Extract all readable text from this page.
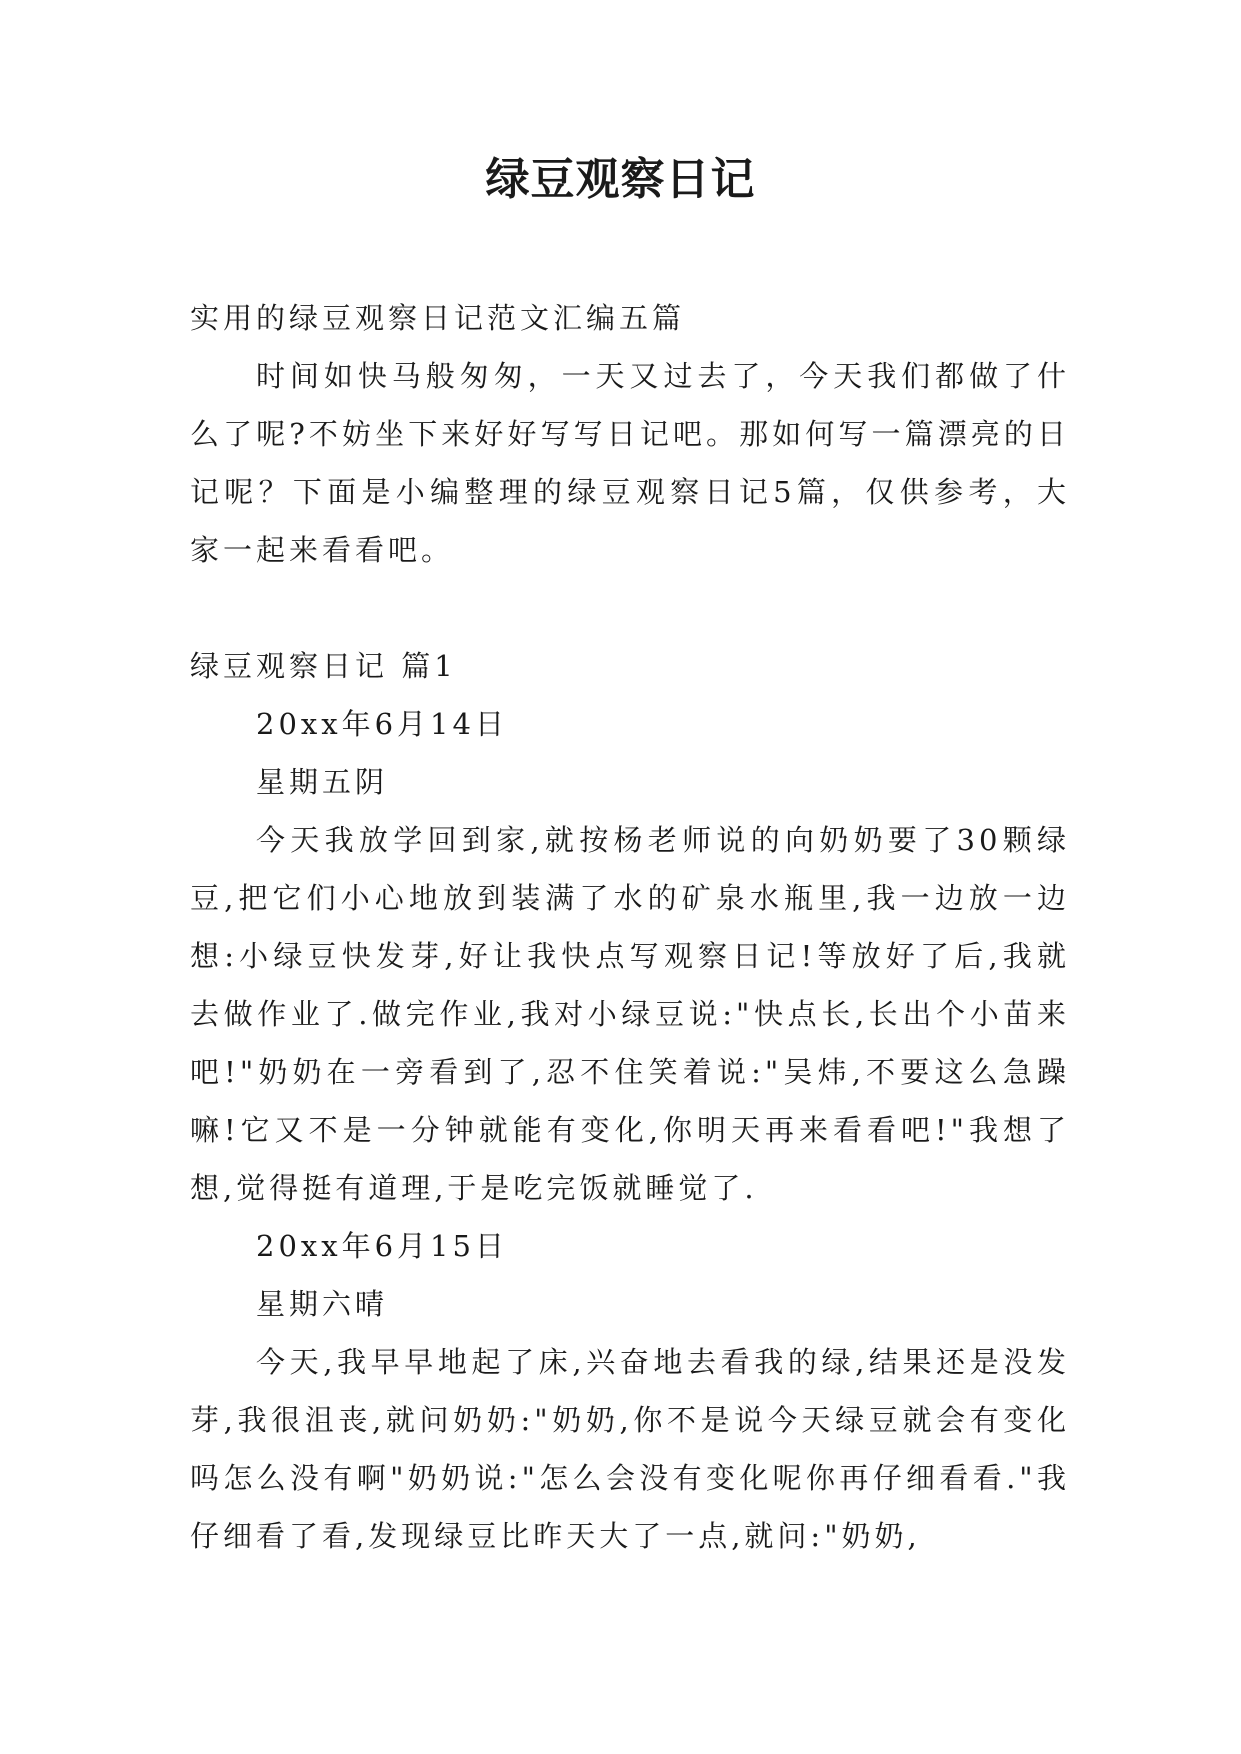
绿豆观察日记

实用的绿豆观察日记范文汇编五篇

时间如快马般匆匆，一天又过去了，今天我们都做了什么了呢?不妨坐下来好好写写日记吧。那如何写一篇漂亮的日记呢？下面是小编整理的绿豆观察日记5篇，仅供参考，大家一起来看看吧。

绿豆观察日记 篇1

20xx年6月14日

星期五阴

今天我放学回到家,就按杨老师说的向奶奶要了30颗绿豆,把它们小心地放到装满了水的矿泉水瓶里,我一边放一边想:小绿豆快发芽,好让我快点写观察日记!等放好了后,我就去做作业了.做完作业,我对小绿豆说:"快点长,长出个小苗来吧!"奶奶在一旁看到了,忍不住笑着说:"吴炜,不要这么急躁嘛!它又不是一分钟就能有变化,你明天再来看看吧!"我想了想,觉得挺有道理,于是吃完饭就睡觉了.

20xx年6月15日

星期六晴

今天,我早早地起了床,兴奋地去看我的绿,结果还是没发芽,我很沮丧,就问奶奶:"奶奶,你不是说今天绿豆就会有变化吗怎么没有啊"奶奶说:"怎么会没有变化呢你再仔细看看."我仔细看了看,发现绿豆比昨天大了一点,就问:"奶奶,
